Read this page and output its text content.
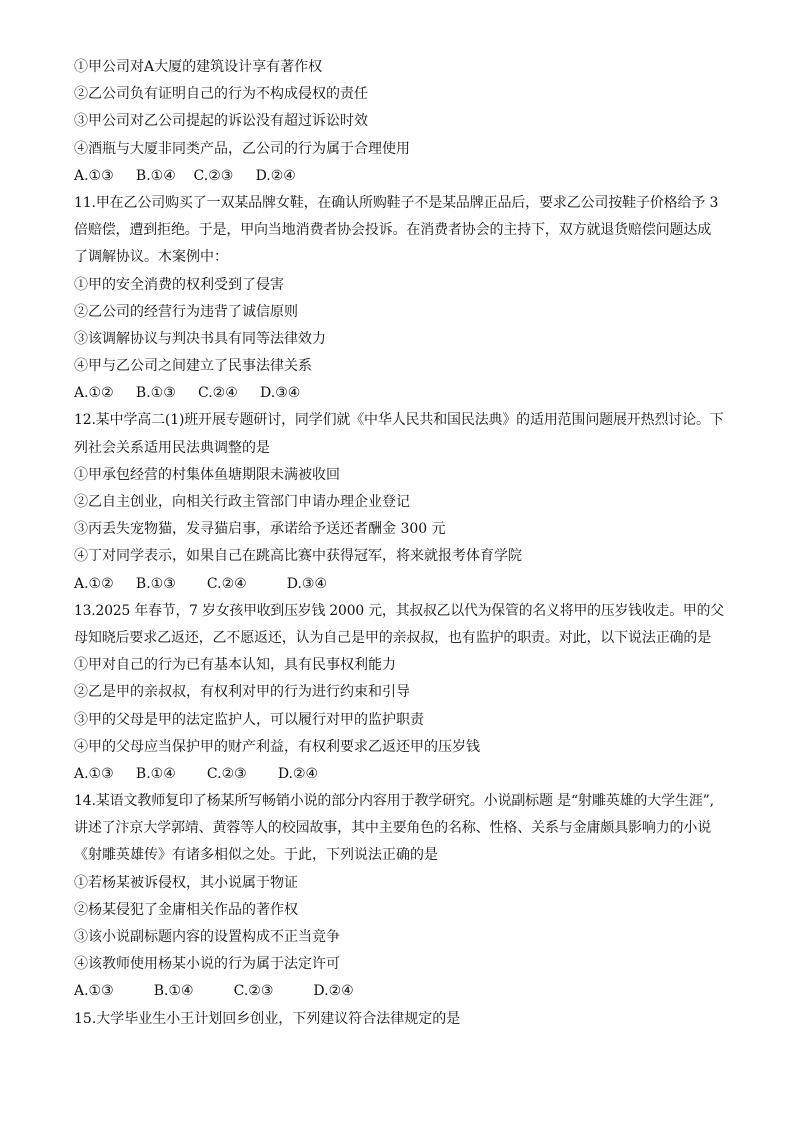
①甲公司对A大厦的建筑设计享有著作权
②乙公司负有证明自己的行为不构成侵权的责任
③甲公司对乙公司提起的诉讼没有超过诉讼时效
④酒瓶与大厦非同类产品，乙公司的行为属于合理使用
A.①③     B.①④    C.②③     D.②④
11.甲在乙公司购买了一双某品牌女鞋，在确认所购鞋子不是某品牌正品后，要求乙公司按鞋子价格给予 3
倍赔偿，遭到拒绝。于是，甲向当地消费者协会投诉。在消费者协会的主持下，双方就退货赔偿问题达成
了调解协议。木案例中：
①甲的安全消费的权利受到了侵害
②乙公司的经营行为违背了诚信原则
③该调解协议与判决书具有同等法律效力
④甲与乙公司之间建立了民事法律关系
A.①②     B.①③     C.②④     D.③④
12.某中学高二(1)班开展专题研讨，同学们就《中华人民共和国民法典》的适用范围问题展开热烈讨论。下
列社会关系适用民法典调整的是
①甲承包经营的村集体鱼塘期限未满被收回
②乙自主创业，向相关行政主管部门申请办理企业登记
③丙丢失宠物猫，发寻猫启事，承诺给予送还者酬金 300 元
④丁对同学表示，如果自己在跳高比赛中获得冠军，将来就报考体育学院
A.①②     B.①③       C.②④         D.③④
13.2025 年春节，7 岁女孩甲收到压岁钱 2000 元，其叔叔乙以代为保管的名义将甲的压岁钱收走。甲的父
母知晓后要求乙返还，乙不愿返还，认为自己是甲的亲叔叔，也有监护的职责。对此，以下说法正确的是
①甲对自己的行为已有基本认知，具有民事权利能力
②乙是甲的亲叔叔，有权利对甲的行为进行约束和引导
③甲的父母是甲的法定监护人，可以履行对甲的监护职责
④甲的父母应当保护甲的财产利益，有权利要求乙返还甲的压岁钱
A.①③     B.①④       C.②③       D.②④
14.某语文教师复印了杨某所写畅销小说的部分内容用于教学研究。小说副标题 是“射雕英雄的大学生涯”,
讲述了汴京大学郭靖、黄蓉等人的校园故事，其中主要角色的名称、性格、关系与金庸颇具影响力的小说
《射雕英雄传》有诸多相似之处。于此，下列说法正确的是
①若杨某被诉侵权，其小说属于物证
②杨某侵犯了金庸相关作品的著作权
③该小说副标题内容的设置构成不正当竞争
④该教师使用杨某小说的行为属于法定许可
A.①③         B.①④         C.②③         D.②④
15.大学毕业生小王计划回乡创业，下列建议符合法律规定的是
